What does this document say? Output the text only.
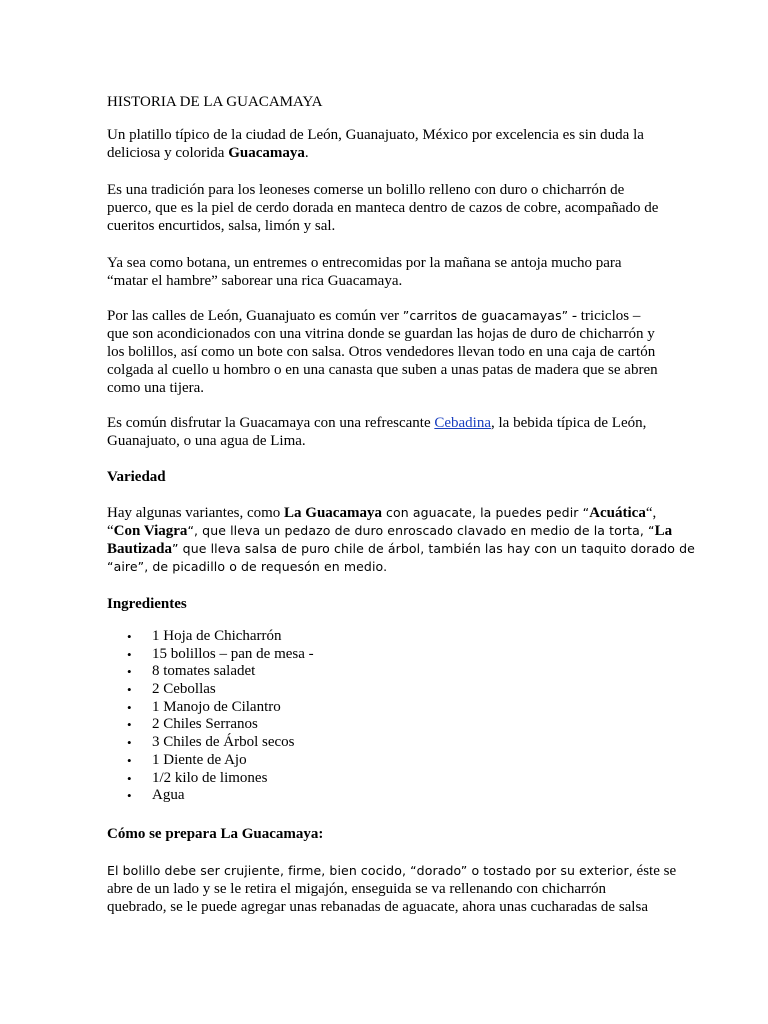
HISTORIA DE LA GUACAMAYA

Un platillo típico de la ciudad de León, Guanajuato, México por excelencia es sin duda la
deliciosa y colorida Guacamaya.

Es una tradición para los leoneses comerse un bolillo relleno con duro o chicharrón de
puerco, que es la piel de cerdo dorada en manteca dentro de cazos de cobre, acompañado de
cueritos encurtidos, salsa, limón y sal.

Ya sea como botana, un entremes o entrecomidas por la mañana se antoja mucho para
“matar el hambre” saborear una rica Guacamaya.

Por las calles de León, Guanajuato es común ver ”carritos de guacamayas” - triciclos –
que son acondicionados con una vitrina donde se guardan las hojas de duro de chicharrón y
los bolillos, así como un bote con salsa. Otros vendedores llevan todo en una caja de cartón
colgada al cuello u hombro o en una canasta que suben a unas patas de madera que se abren
como una tijera.

Es común disfrutar la Guacamaya con una refrescante Cebadina, la bebida típica de León,
Guanajuato, o una agua de Lima.

Variedad

Hay algunas variantes, como La Guacamaya con aguacate, la puedes pedir “Acuática“,
“Con Viagra“, que lleva un pedazo de duro enroscado clavado en medio de la torta, “La
Bautizada” que lleva salsa de puro chile de árbol, también las hay con un taquito dorado de
“aire”, de picadillo o de requesón en medio.

Ingredientes

• 1 Hoja de Chicharrón
• 15 bolillos – pan de mesa -
• 8 tomates saladet
• 2 Cebollas
• 1 Manojo de Cilantro
• 2 Chiles Serranos
• 3 Chiles de Árbol secos
• 1 Diente de Ajo
• 1/2 kilo de limones
• Agua

Cómo se prepara La Guacamaya:

El bolillo debe ser crujiente, firme, bien cocido, “dorado” o tostado por su exterior, éste se
abre de un lado y se le retira el migajón, enseguida se va rellenando con chicharrón
quebrado, se le puede agregar unas rebanadas de aguacate, ahora unas cucharadas de salsa
